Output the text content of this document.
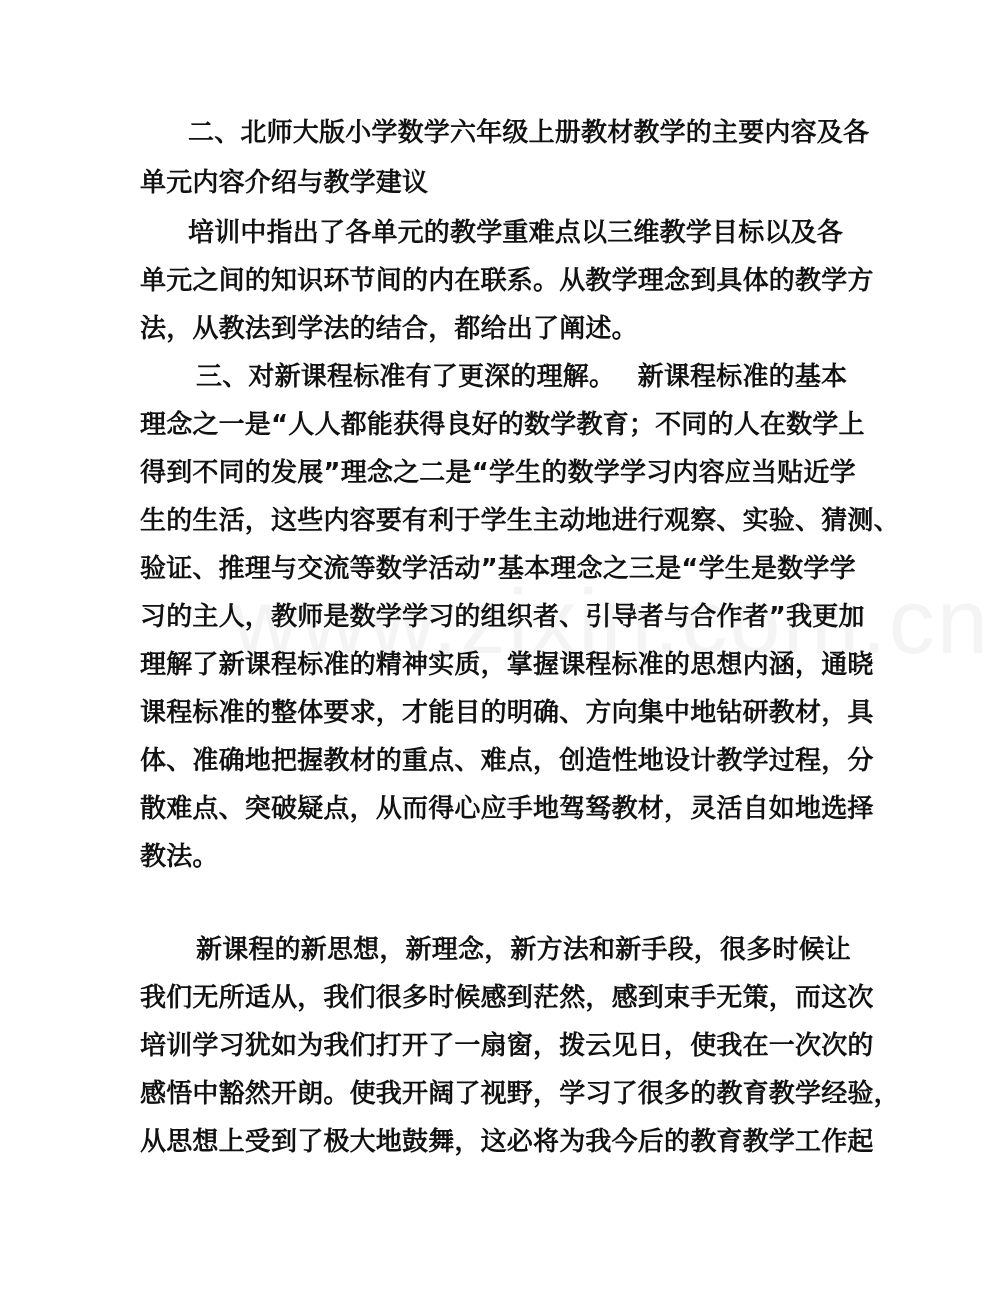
二、北师大版小学数学六年级上册教材教学的主要内容及各
单元内容介绍与教学建议
培训中指出了各单元的教学重难点以三维教学目标以及各
单元之间的知识环节间的内在联系。从教学理念到具体的教学方
法，从教法到学法的结合，都给出了阐述。
三、对新课程标准有了更深的理解。　 新课程标准的基本
理念之一是“人人都能获得良好的数学教育；不同的人在数学上
得到不同的发展”理念之二是“学生的数学学习内容应当贴近学
生的生活，这些内容要有利于学生主动地进行观察、实验、猜测、
验证、推理与交流等数学活动”基本理念之三是“学生是数学学
习的主人，教师是数学学习的组织者、引导者与合作者”我更加
理解了新课程标准的精神实质，掌握课程标准的思想内涵，通晓
课程标准的整体要求，才能目的明确、方向集中地钻研教材，具
体、准确地把握教材的重点、难点，创造性地设计教学过程，分
散难点、突破疑点，从而得心应手地驾驽教材，灵活自如地选择
教法。
新课程的新思想，新理念，新方法和新手段，很多时候让
我们无所适从，我们很多时候感到茫然，感到束手无策，而这次
培训学习犹如为我们打开了一扇窗，拨云见日，使我在一次次的
感悟中豁然开朗。使我开阔了视野，学习了很多的教育教学经验，
从思想上受到了极大地鼓舞，这必将为我今后的教育教学工作起
